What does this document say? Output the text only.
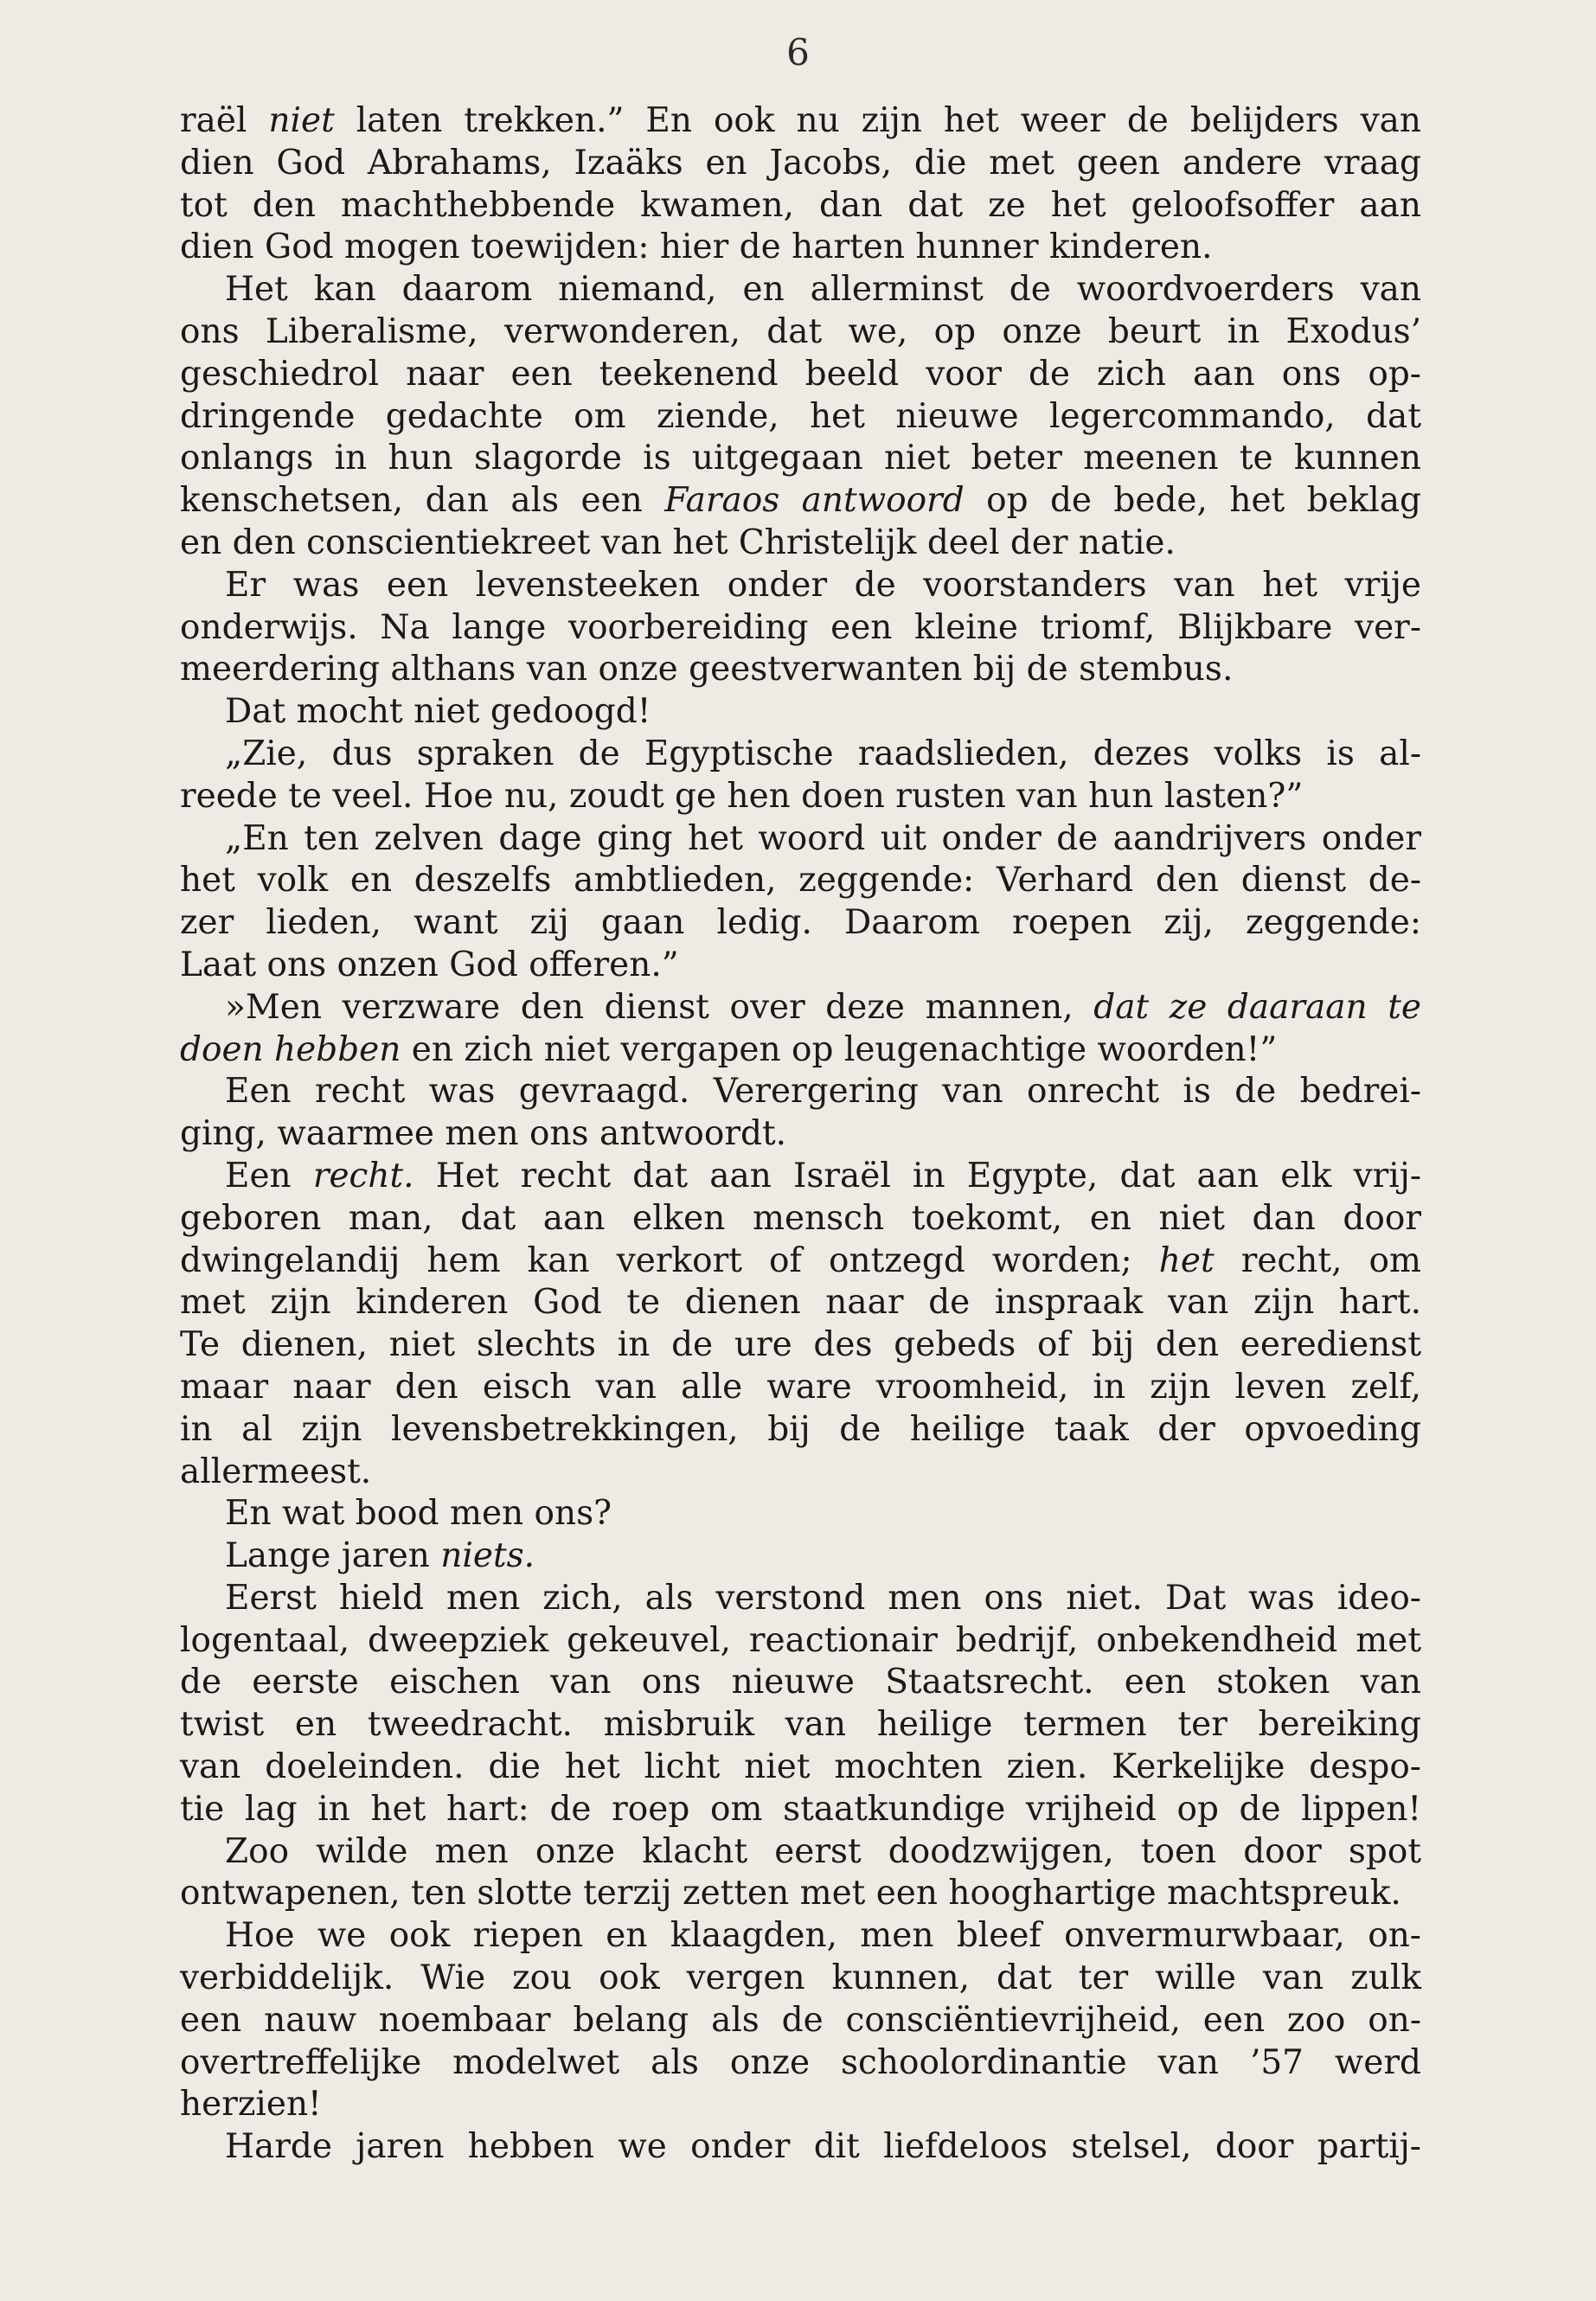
6
raël niet laten trekken.” En ook nu zijn het weer de belijders van
dien God Abrahams, Izaäks en Jacobs, die met geen andere vraag
tot den machthebbende kwamen, dan dat ze het geloofsoffer aan
dien God mogen toewijden: hier de harten hunner kinderen.
Het kan daarom niemand, en allerminst de woordvoerders van
ons Liberalisme, verwonderen, dat we, op onze beurt in Exodus’
geschiedrol naar een teekenend beeld voor de zich aan ons op-
dringende gedachte om ziende, het nieuwe legercommando, dat
onlangs in hun slagorde is uitgegaan niet beter meenen te kunnen
kenschetsen, dan als een Faraos antwoord op de bede, het beklag
en den conscientiekreet van het Christelijk deel der natie.
Er was een levensteeken onder de voorstanders van het vrije
onderwijs. Na lange voorbereiding een kleine triomf, Blijkbare ver-
meerdering althans van onze geestverwanten bij de stembus.
Dat mocht niet gedoogd!
„Zie, dus spraken de Egyptische raadslieden, dezes volks is al-
reede te veel. Hoe nu, zoudt ge hen doen rusten van hun lasten?”
„En ten zelven dage ging het woord uit onder de aandrijvers onder
het volk en deszelfs ambtlieden, zeggende: Verhard den dienst de-
zer lieden, want zij gaan ledig. Daarom roepen zij, zeggende:
Laat ons onzen God offeren.”
»Men verzware den dienst over deze mannen, dat ze daaraan te
doen hebben en zich niet vergapen op leugenachtige woorden!”
Een recht was gevraagd. Verergering van onrecht is de bedrei-
ging, waarmee men ons antwoordt.
Een recht. Het recht dat aan Israël in Egypte, dat aan elk vrij-
geboren man, dat aan elken mensch toekomt, en niet dan door
dwingelandij hem kan verkort of ontzegd worden; het recht, om
met zijn kinderen God te dienen naar de inspraak van zijn hart.
Te dienen, niet slechts in de ure des gebeds of bij den eeredienst
maar naar den eisch van alle ware vroomheid, in zijn leven zelf,
in al zijn levensbetrekkingen, bij de heilige taak der opvoeding
allermeest.
En wat bood men ons?
Lange jaren niets.
Eerst hield men zich, als verstond men ons niet. Dat was ideo-
logentaal, dweepziek gekeuvel, reactionair bedrijf, onbekendheid met
de eerste eischen van ons nieuwe Staatsrecht. een stoken van
twist en tweedracht. misbruik van heilige termen ter bereiking
van doeleinden. die het licht niet mochten zien. Kerkelijke despo-
tie lag in het hart: de roep om staatkundige vrijheid op de lippen!
Zoo wilde men onze klacht eerst doodzwijgen, toen door spot
ontwapenen, ten slotte terzij zetten met een hooghartige machtspreuk.
Hoe we ook riepen en klaagden, men bleef onvermurwbaar, on-
verbiddelijk. Wie zou ook vergen kunnen, dat ter wille van zulk
een nauw noembaar belang als de consciëntievrijheid, een zoo on-
overtreffelijke modelwet als onze schoolordinantie van ’57 werd
herzien!
Harde jaren hebben we onder dit liefdeloos stelsel, door partij-
